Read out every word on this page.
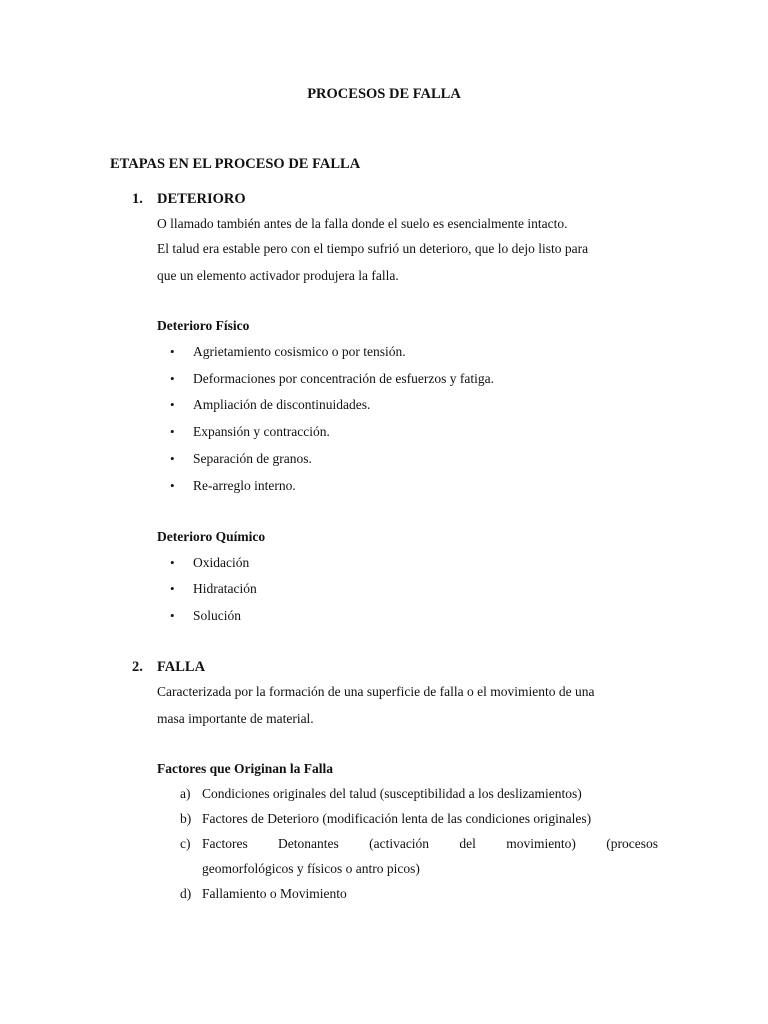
PROCESOS DE FALLA
ETAPAS EN EL PROCESO DE FALLA
1. DETERIORO
O llamado también antes de la falla donde el suelo es esencialmente intacto.
El talud era estable pero con el tiempo sufrió un deterioro, que lo dejo listo para
que un elemento activador produjera la falla.
Deterioro Físico
• Agrietamiento cosismico o por tensión.
• Deformaciones por concentración de esfuerzos y fatiga.
• Ampliación de discontinuidades.
• Expansión y contracción.
• Separación de granos.
• Re-arreglo interno.
Deterioro Químico
• Oxidación
• Hidratación
• Solución
2. FALLA
Caracterizada por la formación de una superficie de falla o el movimiento de una
masa importante de material.
Factores que Originan la Falla
a) Condiciones originales del talud (susceptibilidad a los deslizamientos)
b) Factores de Deterioro (modificación lenta de las condiciones originales)
c) Factores Detonantes (activación del movimiento) (procesos
geomorfológicos y físicos o antro picos)
d) Fallamiento o Movimiento
